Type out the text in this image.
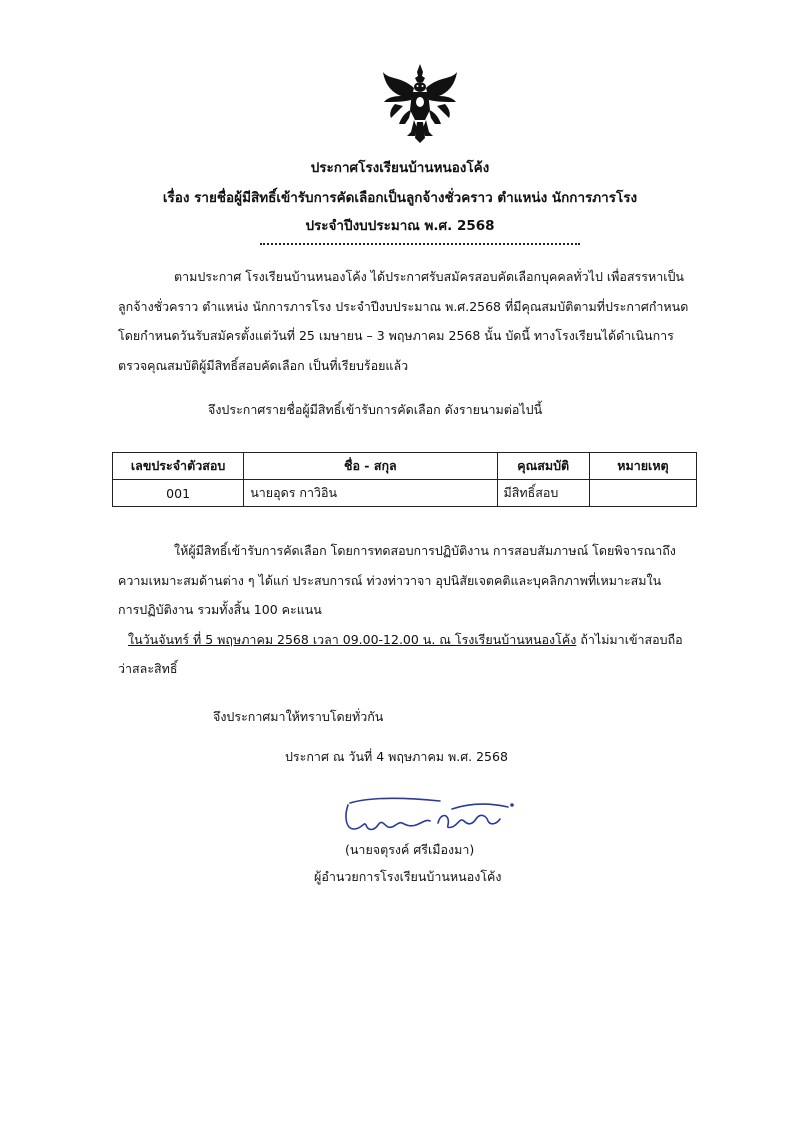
ประกาศโรงเรียนบ้านหนองโค้ง
เรื่อง รายชื่อผู้มีสิทธิ์เข้ารับการคัดเลือกเป็นลูกจ้างชั่วคราว ตำแหน่ง นักการภารโรง
ประจำปีงบประมาณ พ.ศ. 2568
ตามประกาศ โรงเรียนบ้านหนองโค้ง ได้ประกาศรับสมัครสอบคัดเลือกบุคคลทั่วไป เพื่อสรรหาเป็น
ลูกจ้างชั่วคราว ตำแหน่ง นักการภารโรง ประจำปีงบประมาณ พ.ศ.2568 ที่มีคุณสมบัติตามที่ประกาศกำหนด
โดยกำหนดวันรับสมัครตั้งแต่วันที่ 25 เมษายน – 3 พฤษภาคม 2568 นั้น บัดนี้ ทางโรงเรียนได้ดำเนินการ
ตรวจคุณสมบัติผู้มีสิทธิ์สอบคัดเลือก เป็นที่เรียบร้อยแล้ว
จึงประกาศรายชื่อผู้มีสิทธิ์เข้ารับการคัดเลือก ดังรายนามต่อไปนี้
เลขประจำตัวสอบ	ชื่อ - สกุล	คุณสมบัติ	หมายเหตุ
001	นายอุดร กาวิอิน	มีสิทธิ์สอบ	
ให้ผู้มีสิทธิ์เข้ารับการคัดเลือก โดยการทดสอบการปฏิบัติงาน การสอบสัมภาษณ์ โดยพิจารณาถึง
ความเหมาะสมด้านต่าง ๆ ได้แก่ ประสบการณ์ ท่วงท่าวาจา อุปนิสัยเจตคติและบุคลิกภาพที่เหมาะสมใน
การปฏิบัติงาน รวมทั้งสิ้น 100 คะแนน
ในวันจันทร์ ที่ 5 พฤษภาคม 2568 เวลา 09.00-12.00 น. ณ โรงเรียนบ้านหนองโค้ง ถ้าไม่มาเข้าสอบถือ
ว่าสละสิทธิ์
จึงประกาศมาให้ทราบโดยทั่วกัน
ประกาศ ณ วันที่ 4 พฤษภาคม พ.ศ. 2568
(นายจตุรงค์ ศรีเมืองมา)
ผู้อำนวยการโรงเรียนบ้านหนองโค้ง
